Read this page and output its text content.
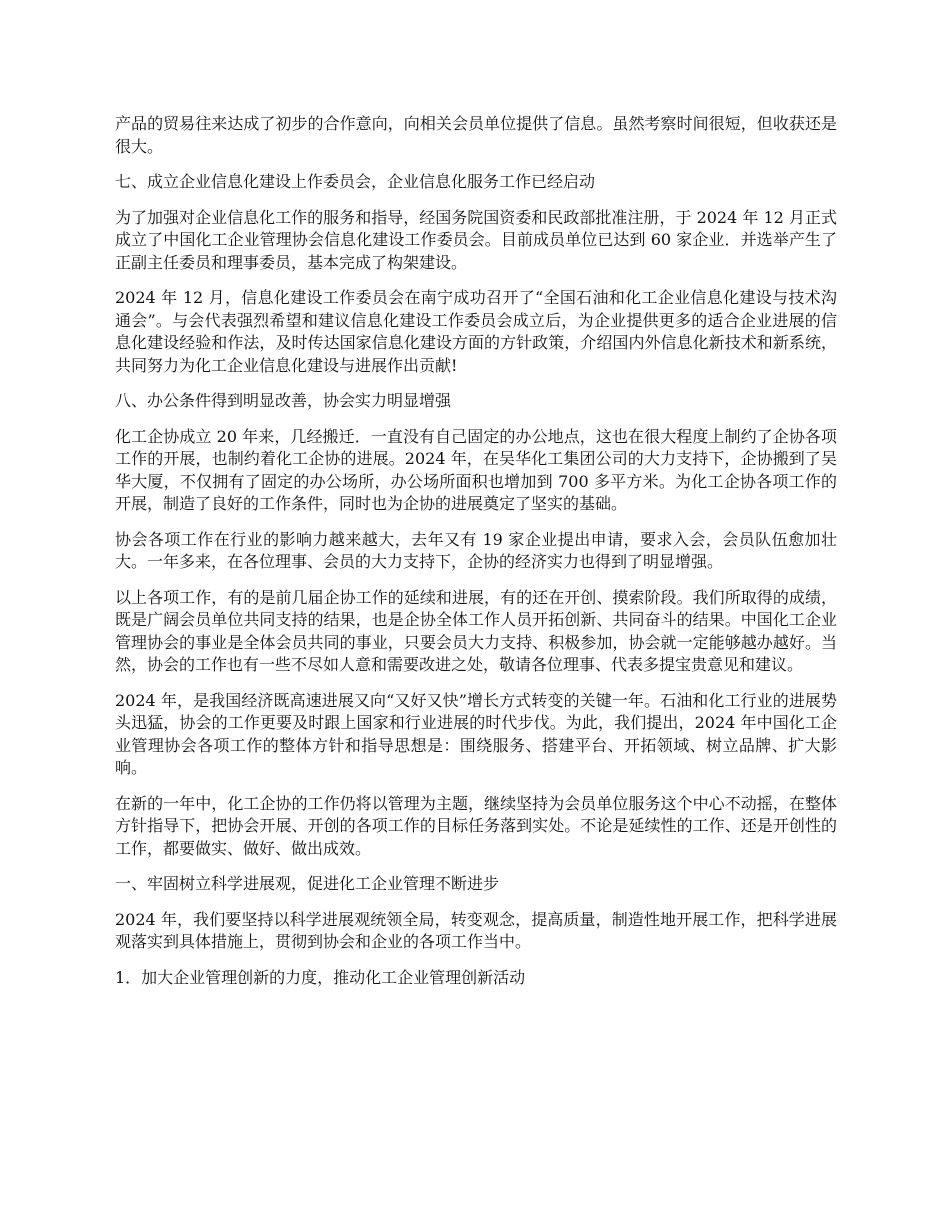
产品的贸易往来达成了初步的合作意向，向相关会员单位提供了信息。虽然考察时间很短，但收获还是很大。

七、成立企业信息化建设上作委员会，企业信息化服务工作已经启动

为了加强对企业信息化工作的服务和指导，经国务院国资委和民政部批准注册，于 2024 年 12 月正式成立了中国化工企业管理协会信息化建设工作委员会。目前成员单位已达到 60 家企业．并选举产生了正副主任委员和理事委员，基本完成了构架建设。

2024 年 12 月，信息化建设工作委员会在南宁成功召开了“全国石油和化工企业信息化建设与技术沟通会”。与会代表强烈希望和建议信息化建设工作委员会成立后，为企业提供更多的适合企业进展的信息化建设经验和作法，及时传达国家信息化建设方面的方针政策，介绍国内外信息化新技术和新系统，共同努力为化工企业信息化建设与进展作出贡献!

八、办公条件得到明显改善，协会实力明显增强

化工企协成立 20 年来，几经搬迁．一直没有自己固定的办公地点，这也在很大程度上制约了企协各项工作的开展，也制约着化工企协的进展。2024 年，在吴华化工集团公司的大力支持下，企协搬到了吴华大厦，不仅拥有了固定的办公场所，办公场所面积也增加到 700 多平方米。为化工企协各项工作的开展，制造了良好的工作条件，同时也为企协的进展奠定了坚实的基础。

协会各项工作在行业的影响力越来越大，去年又有 19 家企业提出申请，要求入会，会员队伍愈加壮大。一年多来，在各位理事、会员的大力支持下，企协的经济实力也得到了明显增强。

以上各项工作，有的是前几届企协工作的延续和进展，有的还在开创、摸索阶段。我们所取得的成绩，既是广阔会员单位共同支持的结果，也是企协全体工作人员开拓创新、共同奋斗的结果。中国化工企业管理协会的事业是全体会员共同的事业，只要会员大力支持、积极参加，协会就一定能够越办越好。当然，协会的工作也有一些不尽如人意和需要改进之处，敬请各位理事、代表多提宝贵意见和建议。

2024 年，是我国经济既高速进展又向“又好又快”增长方式转变的关键一年。石油和化工行业的进展势头迅猛，协会的工作更要及时跟上国家和行业进展的时代步伐。为此，我们提出，2024 年中国化工企业管理协会各项工作的整体方针和指导思想是：围绕服务、搭建平台、开拓领域、树立品牌、扩大影响。

在新的一年中，化工企协的工作仍将以管理为主题，继续坚持为会员单位服务这个中心不动摇，在整体方针指导下，把协会开展、开创的各项工作的目标任务落到实处。不论是延续性的工作、还是开创性的工作，都要做实、做好、做出成效。

一、牢固树立科学进展观，促进化工企业管理不断进步

2024 年，我们要坚持以科学进展观统领全局，转变观念，提高质量，制造性地开展工作，把科学进展观落实到具体措施上，贯彻到协会和企业的各项工作当中。

1．加大企业管理创新的力度，推动化工企业管理创新活动
